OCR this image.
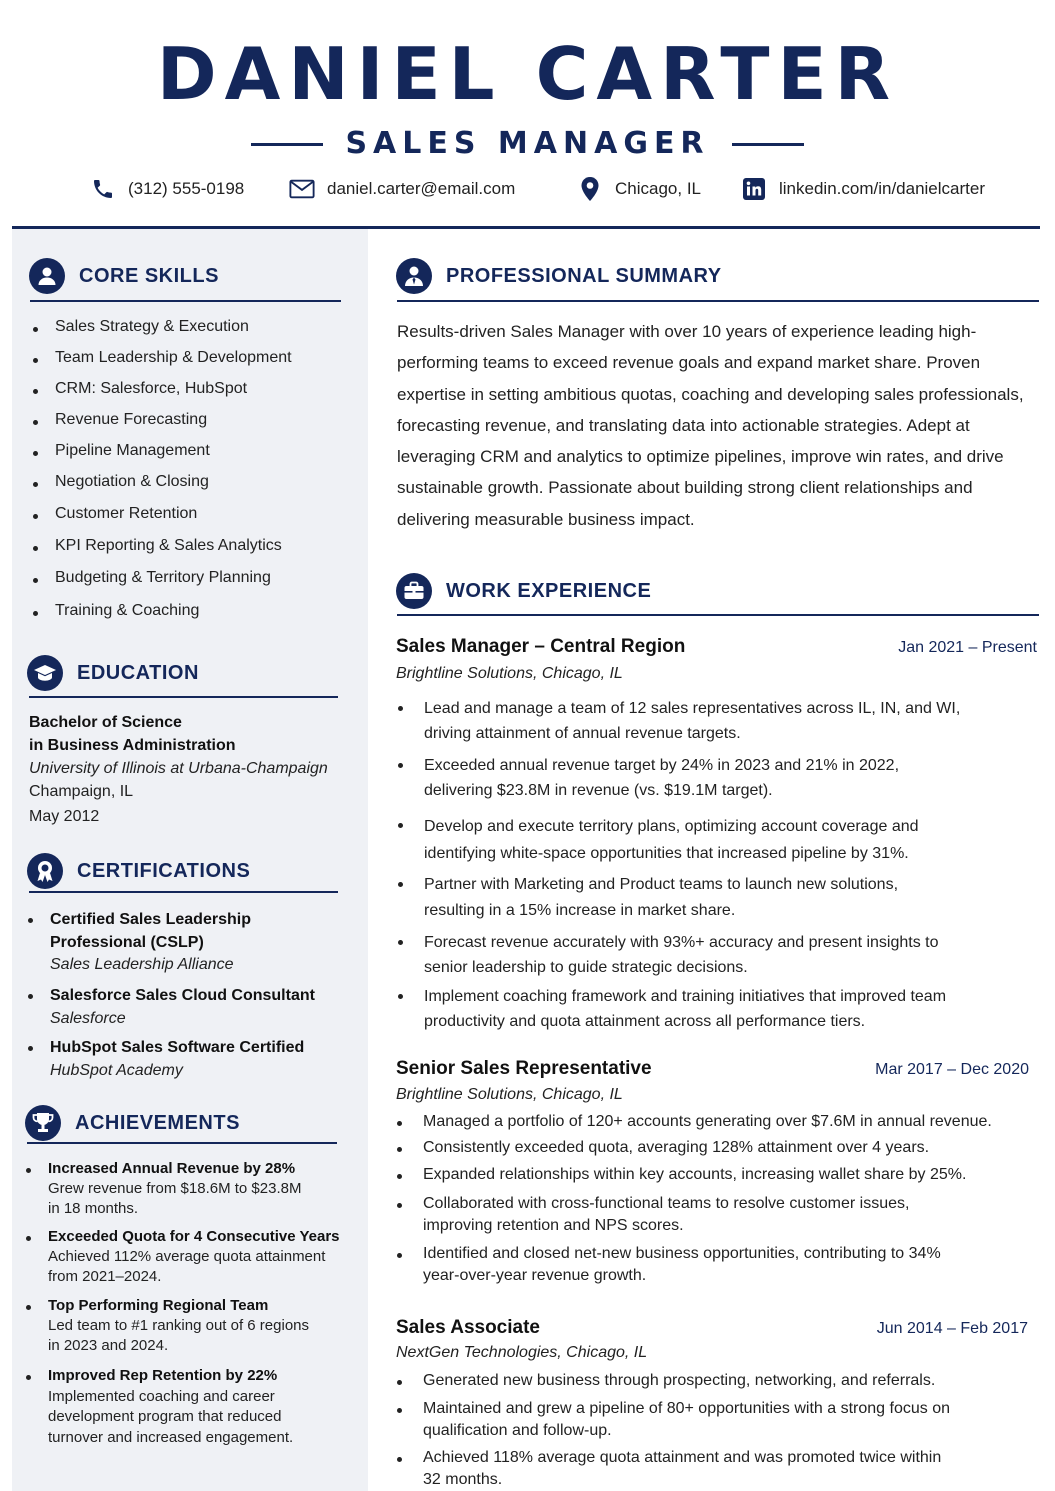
DANIEL CARTER
SALES MANAGER
(312) 555-0198	daniel.carter@email.com	Chicago, IL	linkedin.com/in/danielcarter
CORE SKILLS
Sales Strategy & Execution
Team Leadership & Development
CRM: Salesforce, HubSpot
Revenue Forecasting
Pipeline Management
Negotiation & Closing
Customer Retention
KPI Reporting & Sales Analytics
Budgeting & Territory Planning
Training & Coaching
EDUCATION
Bachelor of Science
in Business Administration
University of Illinois at Urbana-Champaign
Champaign, IL
May 2012
CERTIFICATIONS
Certified Sales Leadership
Professional (CSLP)
Sales Leadership Alliance
Salesforce Sales Cloud Consultant
Salesforce
HubSpot Sales Software Certified
HubSpot Academy
ACHIEVEMENTS
Increased Annual Revenue by 28%
Grew revenue from $18.6M to $23.8M
in 18 months.
Exceeded Quota for 4 Consecutive Years
Achieved 112% average quota attainment
from 2021–2024.
Top Performing Regional Team
Led team to #1 ranking out of 6 regions
in 2023 and 2024.
Improved Rep Retention by 22%
Implemented coaching and career
development program that reduced
turnover and increased engagement.
PROFESSIONAL SUMMARY
Results-driven Sales Manager with over 10 years of experience leading high-performing teams to exceed revenue goals and expand market share. Proven expertise in setting ambitious quotas, coaching and developing sales professionals, forecasting revenue, and translating data into actionable strategies. Adept at leveraging CRM and analytics to optimize pipelines, improve win rates, and drive sustainable growth. Passionate about building strong client relationships and delivering measurable business impact.
WORK EXPERIENCE
Sales Manager – Central Region	Jan 2021 – Present
Brightline Solutions, Chicago, IL
Lead and manage a team of 12 sales representatives across IL, IN, and WI,
driving attainment of annual revenue targets.
Exceeded annual revenue target by 24% in 2023 and 21% in 2022,
delivering $23.8M in revenue (vs. $19.1M target).
Develop and execute territory plans, optimizing account coverage and
identifying white-space opportunities that increased pipeline by 31%.
Partner with Marketing and Product teams to launch new solutions,
resulting in a 15% increase in market share.
Forecast revenue accurately with 93%+ accuracy and present insights to
senior leadership to guide strategic decisions.
Implement coaching framework and training initiatives that improved team
productivity and quota attainment across all performance tiers.
Senior Sales Representative	Mar 2017 – Dec 2020
Brightline Solutions, Chicago, IL
Managed a portfolio of 120+ accounts generating over $7.6M in annual revenue.
Consistently exceeded quota, averaging 128% attainment over 4 years.
Expanded relationships within key accounts, increasing wallet share by 25%.
Collaborated with cross-functional teams to resolve customer issues,
improving retention and NPS scores.
Identified and closed net-new business opportunities, contributing to 34%
year-over-year revenue growth.
Sales Associate	Jun 2014 – Feb 2017
NextGen Technologies, Chicago, IL
Generated new business through prospecting, networking, and referrals.
Maintained and grew a pipeline of 80+ opportunities with a strong focus on
qualification and follow-up.
Achieved 118% average quota attainment and was promoted twice within
32 months.
